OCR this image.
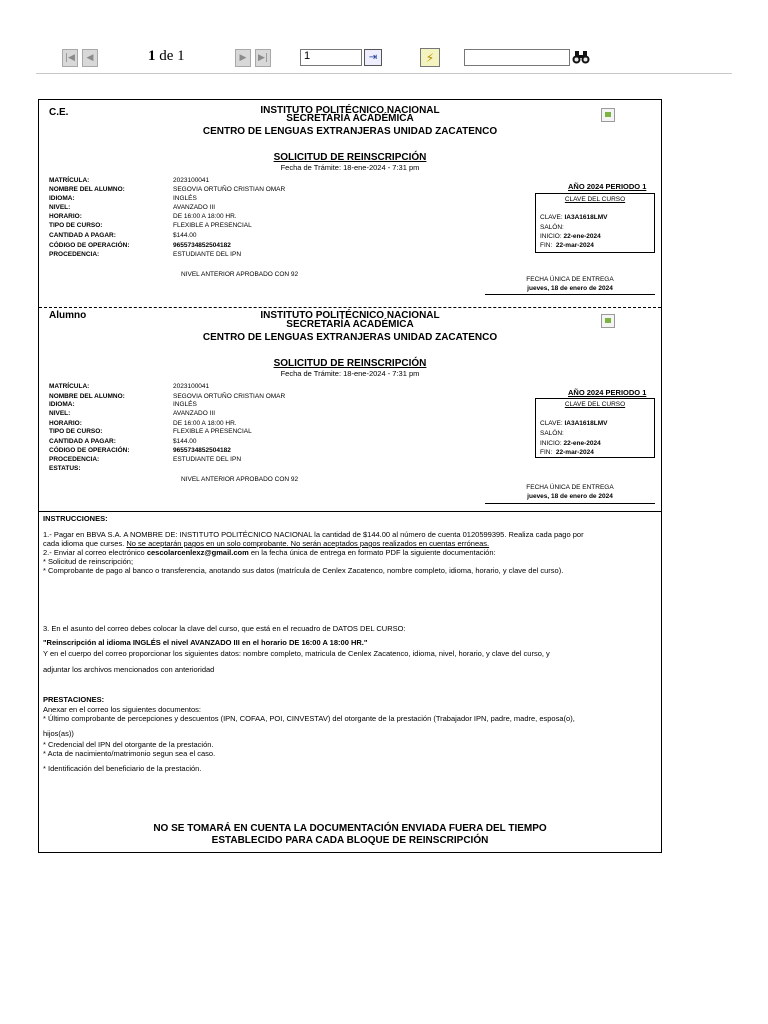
|◀	◀	1 de 1	▶	▶|	1	⇥	⚡
C.E.	INSTITUTO POLITÉCNICO NACIONAL
SECRETARÍA ACADÉMICA
CENTRO DE LENGUAS EXTRANJERAS UNIDAD ZACATENCO
SOLICITUD DE REINSCRIPCIÓN
Fecha de Trámite: 18-ene-2024 - 7:31 pm
MATRÍCULA:	2023100041
NOMBRE DEL ALUMNO:	SEGOVIA ORTUÑO CRISTIAN OMAR
IDIOMA:	INGLÉS
NIVEL:	AVANZADO III
HORARIO:	DE 16:00 A 18:00 HR.
TIPO DE CURSO:	FLEXIBLE A PRESENCIAL
CANTIDAD A PAGAR:	$144.00
CÓDIGO DE OPERACIÓN:	9655734852504182
PROCEDENCIA:	ESTUDIANTE DEL IPN
NIVEL ANTERIOR APROBADO CON 92
AÑO 2024 PERIODO 1
CLAVE DEL CURSO
CLAVE: IA3A1618LMV
SALÓN:
INICIO: 22-ene-2024
FIN: 22-mar-2024
FECHA ÚNICA DE ENTREGA
jueves, 18 de enero de 2024
Alumno	INSTITUTO POLITÉCNICO NACIONAL
SECRETARÍA ACADÉMICA
CENTRO DE LENGUAS EXTRANJERAS UNIDAD ZACATENCO
SOLICITUD DE REINSCRIPCIÓN
Fecha de Trámite: 18-ene-2024 - 7:31 pm
MATRÍCULA:	2023100041
NOMBRE DEL ALUMNO:	SEGOVIA ORTUÑO CRISTIAN OMAR
IDIOMA:	INGLÉS
NIVEL:	AVANZADO III
HORARIO:	DE 16:00 A 18:00 HR.
TIPO DE CURSO:	FLEXIBLE A PRESENCIAL
CANTIDAD A PAGAR:	$144.00
CÓDIGO DE OPERACIÓN:	9655734852504182
PROCEDENCIA:	ESTUDIANTE DEL IPN
ESTATUS:
NIVEL ANTERIOR APROBADO CON 92
AÑO 2024 PERIODO 1
CLAVE DEL CURSO
CLAVE: IA3A1618LMV
SALÓN:
INICIO: 22-ene-2024
FIN: 22-mar-2024
FECHA ÚNICA DE ENTREGA
jueves, 18 de enero de 2024
INSTRUCCIONES:
1.- Pagar en BBVA S.A. A NOMBRE DE: INSTITUTO POLITÉCNICO NACIONAL la cantidad de $144.00 al número de cuenta 0120599395. Realiza cada pago por
cada idioma que curses. No se aceptarán pagos en un solo comprobante. No serán aceptados pagos realizados en cuentas erróneas.
2.- Enviar al correo electrónico cescolarcenlexz@gmail.com en la fecha única de entrega en formato PDF la siguiente documentación:
* Solicitud de reinscripción;
* Comprobante de pago al banco o transferencia, anotando sus datos (matrícula de Cenlex Zacatenco, nombre completo, idioma, horario, y clave del curso).
3. En el asunto del correo debes colocar la clave del curso, que está en el recuadro de DATOS DEL CURSO:
"Reinscripción al idioma INGLÉS el nivel AVANZADO III en el horario DE 16:00 A 18:00 HR."
Y en el cuerpo del correo proporcionar los siguientes datos: nombre completo, matricula de Cenlex Zacatenco, idioma, nivel, horario, y clave del curso, y
adjuntar los archivos mencionados con anterioridad
PRESTACIONES:
Anexar en el correo los siguientes documentos:
* Último comprobante de percepciones y descuentos (IPN, COFAA, POI, CINVESTAV) del otorgante de la prestación (Trabajador IPN, padre, madre, esposa(o),
hijos(as))
* Credencial del IPN del otorgante de la prestación.
* Acta de nacimiento/matrimonio segun sea el caso.
* Identificación del beneficiario de la prestación.
NO SE TOMARÁ EN CUENTA LA DOCUMENTACIÓN ENVIADA FUERA DEL TIEMPO
ESTABLECIDO PARA CADA BLOQUE DE REINSCRIPCIÓN
